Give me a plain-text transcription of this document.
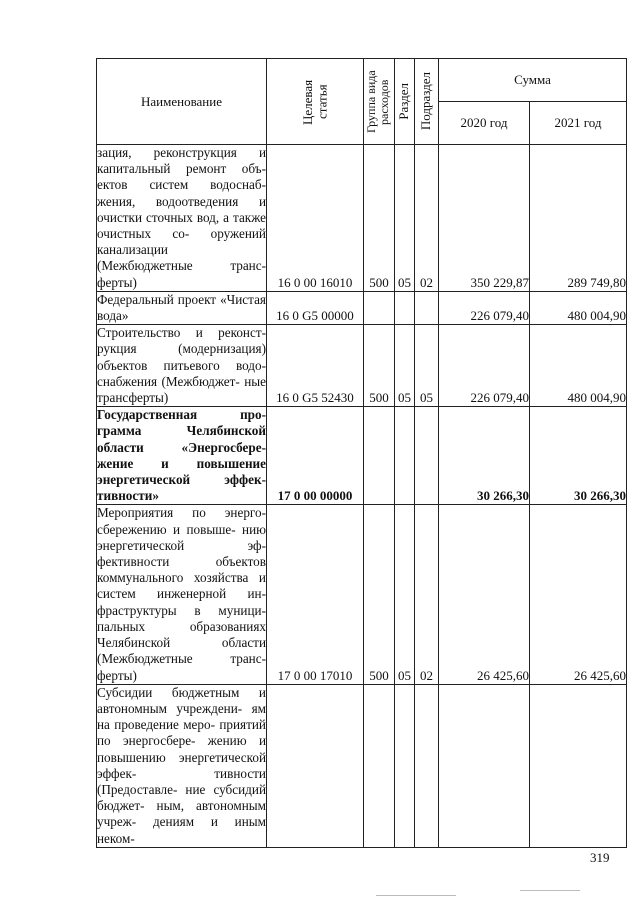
Наименование	Целевая статья	Группа вида расходов	Раздел	Подраздел	Сумма	
					2020 год	2021 год
зация, реконструкция и капитальный ремонт объ- ектов систем водоснаб- жения, водоотведения и очистки сточных вод, а также очистных со- оружений канализации (Межбюджетные транс- ферты)	16 0 00 16010	500	05	02	350 229,87	289 749,80
Федеральный проект «Чистая вода»	16 0 G5 00000				226 079,40	480 004,90
Строительство и реконст- рукция (модернизация) объектов питьевого водо- снабжения (Межбюджет- ные трансферты)	16 0 G5 52430	500	05	05	226 079,40	480 004,90
Государственная про- грамма Челябинской области «Энергосбере- жение и повышение энергетической эффек- тивности»	17 0 00 00000				30 266,30	30 266,30
Мероприятия по энерго- сбережению и повыше- нию энергетической эф- фективности объектов коммунального хозяйства и систем инженерной ин- фраструктуры в муници- пальных образованиях Челябинской области (Межбюджетные транс- ферты)	17 0 00 17010	500	05	02	26 425,60	26 425,60
Субсидии бюджетным и автономным учреждени- ям на проведение меро- приятий по энергосбере- жению и повышению энергетической эффек- тивности (Предоставле- ние субсидий бюджет- ным, автономным учреж- дениям и иным неком-						
319
